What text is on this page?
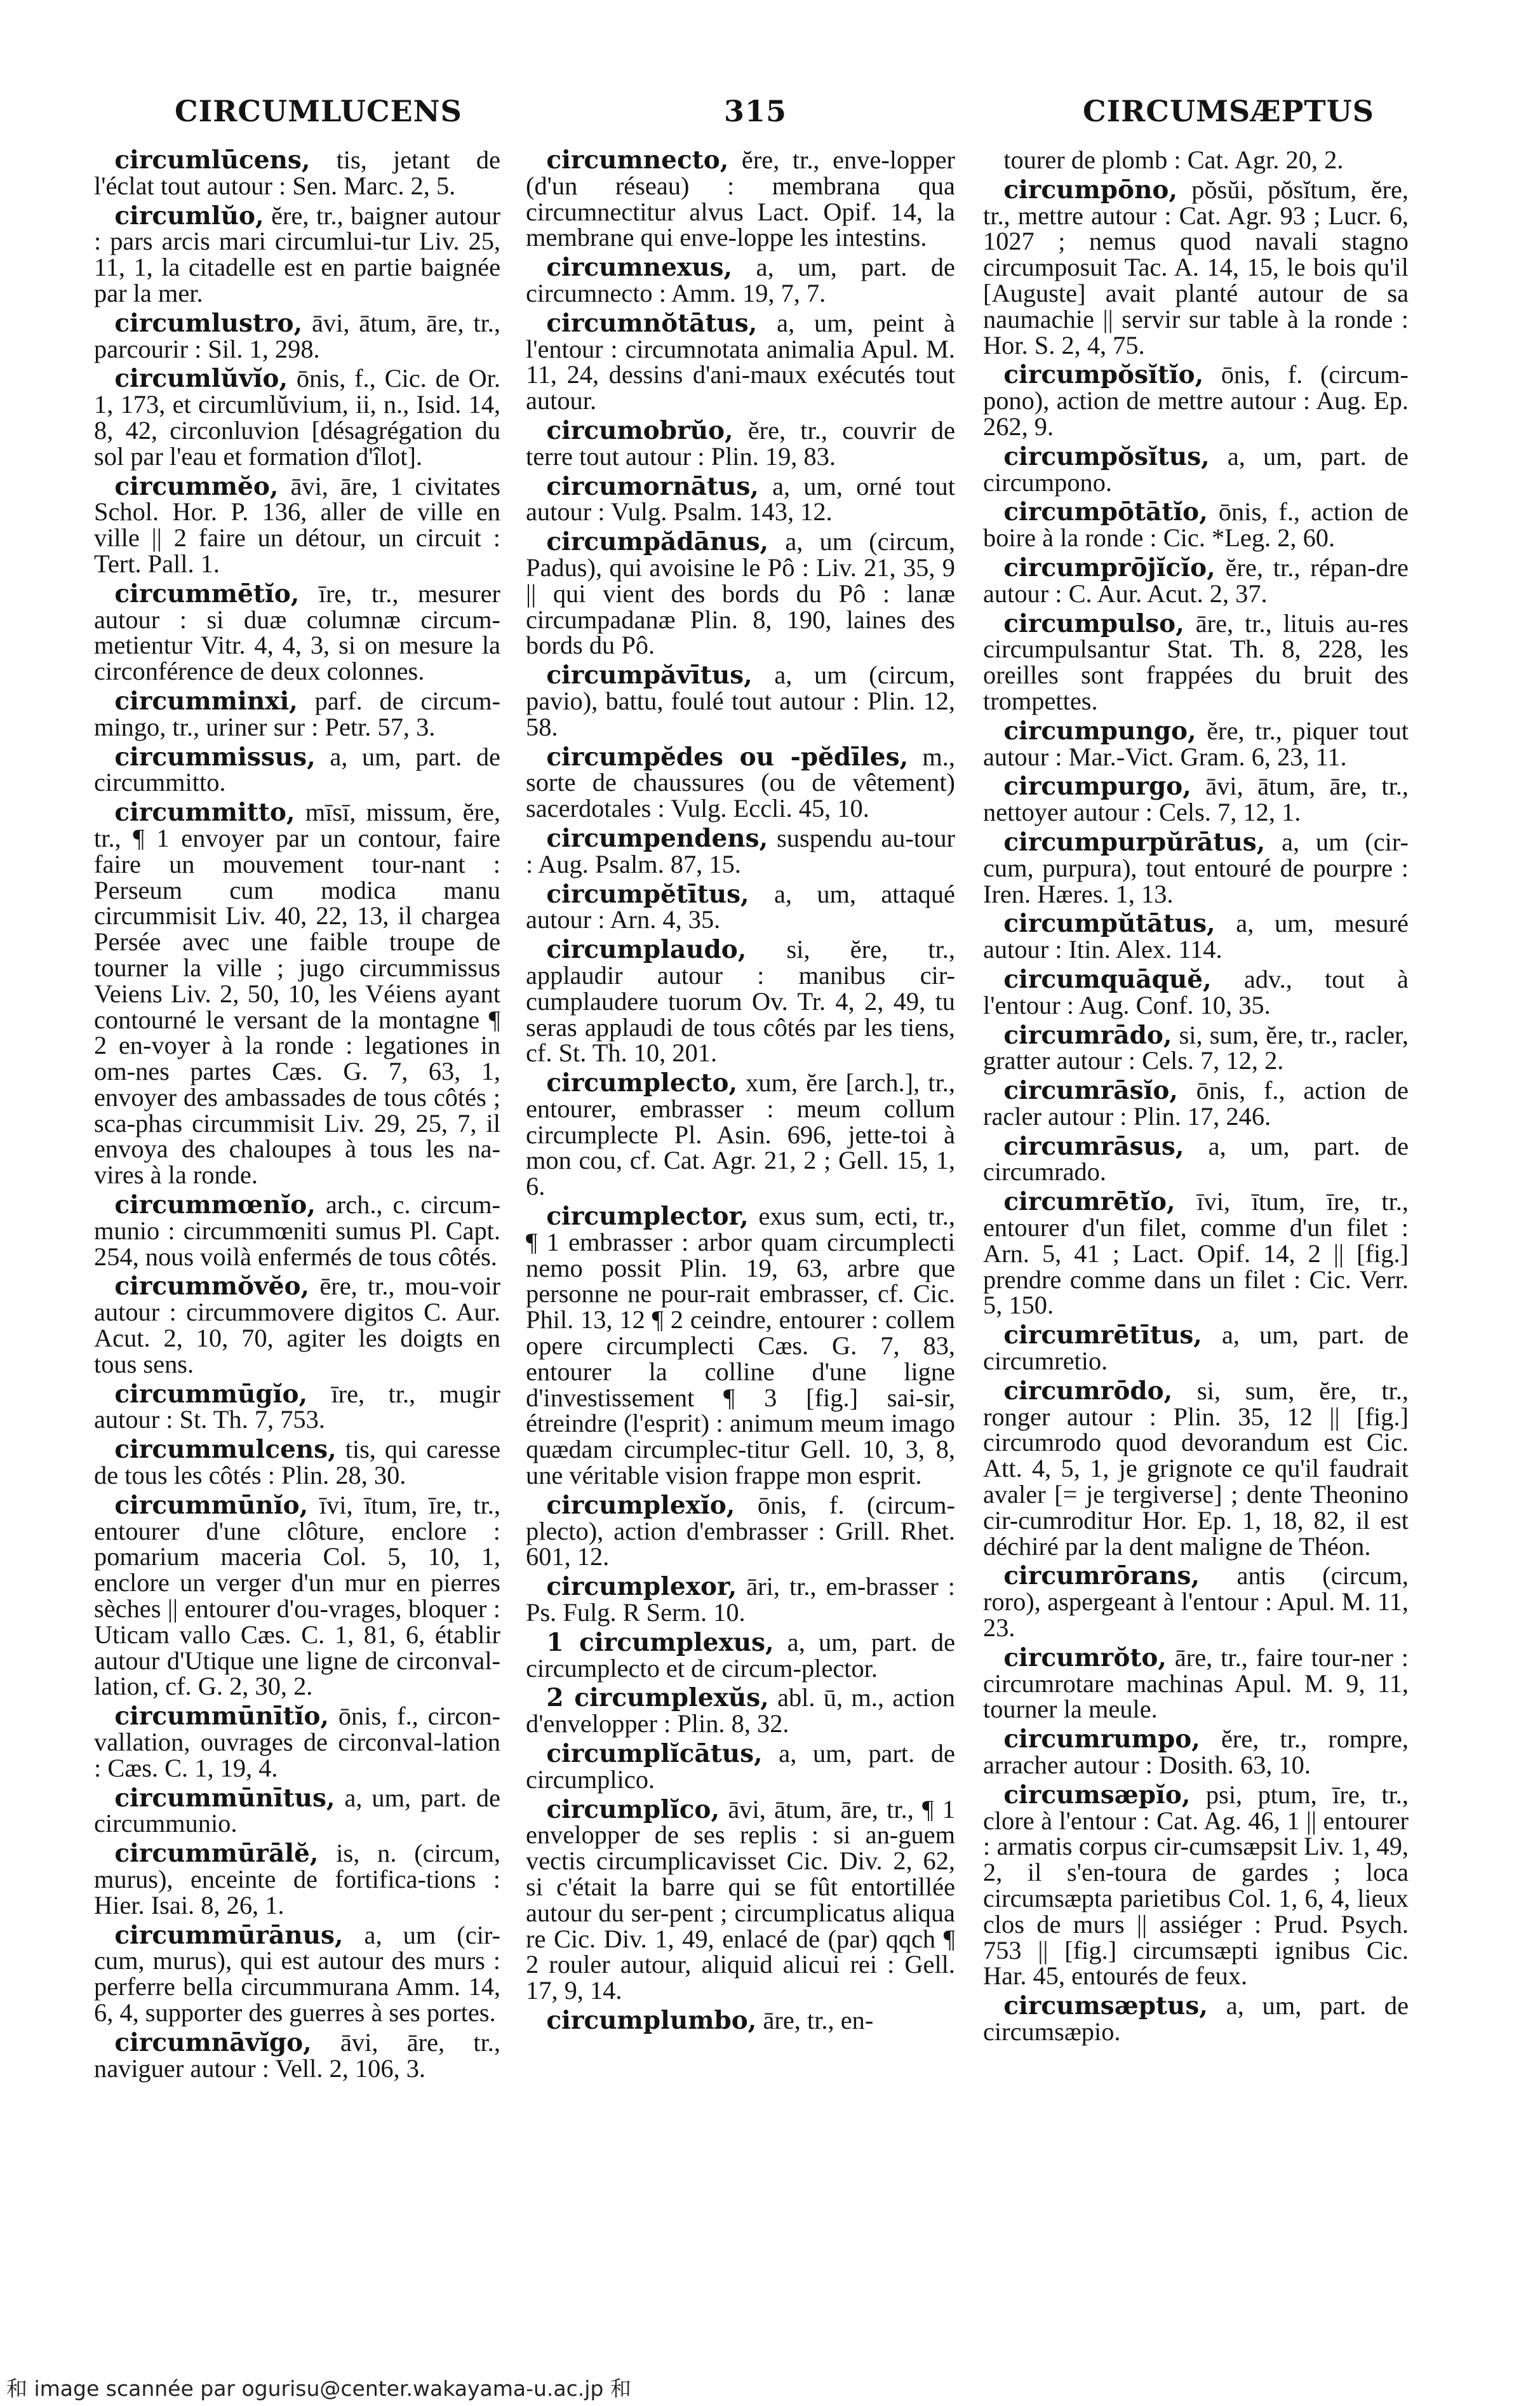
CIRCUMLUCENS	315	CIRCUMSÆPTUS

circumlūcens, tis, jetant de l'éclat tout autour : Sen. Marc. 2, 5.

circumlŭo, ĕre, tr., baigner autour : pars arcis mari circumlui-tur Liv. 25, 11, 1, la citadelle est en partie baignée par la mer.

circumlustro, āvi, ātum, āre, tr., parcourir : Sil. 1, 298.

circumlŭvĭo, ōnis, f., Cic. de Or. 1, 173, et circumlŭvium, ii, n., Isid. 14, 8, 42, circonluvion [désagrégation du sol par l'eau et formation d'îlot].

circummĕo, āvi, āre, 1 civitates Schol. Hor. P. 136, aller de ville en ville || 2 faire un détour, un circuit : Tert. Pall. 1.

circummētĭo, īre, tr., mesurer autour : si duæ columnæ circum-metientur Vitr. 4, 4, 3, si on mesure la circonférence de deux colonnes.

circumminxi, parf. de circum-mingo, tr., uriner sur : Petr. 57, 3.

circummissus, a, um, part. de circummitto.

circummitto, mīsī, missum, ĕre, tr., ¶ 1 envoyer par un contour, faire faire un mouvement tour-nant : Perseum cum modica manu circummisit Liv. 40, 22, 13, il chargea Persée avec une faible troupe de tourner la ville ; jugo circummissus Veiens Liv. 2, 50, 10, les Véiens ayant contourné le versant de la montagne ¶ 2 en-voyer à la ronde : legationes in om-nes partes Cæs. G. 7, 63, 1, envoyer des ambassades de tous côtés ; sca-phas circummisit Liv. 29, 25, 7, il envoya des chaloupes à tous les na-vires à la ronde.

circummœnĭo, arch., c. circum-munio : circummœniti sumus Pl. Capt. 254, nous voilà enfermés de tous côtés.

circummŏvĕo, ēre, tr., mou-voir autour : circummovere digitos C. Aur. Acut. 2, 10, 70, agiter les doigts en tous sens.

circummūgĭo, īre, tr., mugir autour : St. Th. 7, 753.

circummulcens, tis, qui caresse de tous les côtés : Plin. 28, 30.

circummūnĭo, īvi, ītum, īre, tr., entourer d'une clôture, enclore : pomarium maceria Col. 5, 10, 1, enclore un verger d'un mur en pierres sèches || entourer d'ou-vrages, bloquer : Uticam vallo Cæs. C. 1, 81, 6, établir autour d'Utique une ligne de circonval-lation, cf. G. 2, 30, 2.

circummūnītĭo, ōnis, f., circon-vallation, ouvrages de circonval-lation : Cæs. C. 1, 19, 4.

circummūnītus, a, um, part. de circummunio.

circummūrālĕ, is, n. (circum, murus), enceinte de fortifica-tions : Hier. Isai. 8, 26, 1.

circummūrānus, a, um (cir-cum, murus), qui est autour des murs : perferre bella circummurana Amm. 14, 6, 4, supporter des guerres à ses portes.

circumnāvĭgo, āvi, āre, tr., naviguer autour : Vell. 2, 106, 3.

circumnecto, ĕre, tr., enve-lopper (d'un réseau) : membrana qua circumnectitur alvus Lact. Opif. 14, la membrane qui enve-loppe les intestins.

circumnexus, a, um, part. de circumnecto : Amm. 19, 7, 7.

circumnŏtātus, a, um, peint à l'entour : circumnotata animalia Apul. M. 11, 24, dessins d'ani-maux exécutés tout autour.

circumobrŭo, ĕre, tr., couvrir de terre tout autour : Plin. 19, 83.

circumornātus, a, um, orné tout autour : Vulg. Psalm. 143, 12.

circumpădānus, a, um (circum, Padus), qui avoisine le Pô : Liv. 21, 35, 9 || qui vient des bords du Pô : lanæ circumpadanæ Plin. 8, 190, laines des bords du Pô.

circumpăvītus, a, um (circum, pavio), battu, foulé tout autour : Plin. 12, 58.

circumpĕdes ou -pĕdīles, m., sorte de chaussures (ou de vêtement) sacerdotales : Vulg. Eccli. 45, 10.

circumpendens, suspendu au-tour : Aug. Psalm. 87, 15.

circumpĕtītus, a, um, attaqué autour : Arn. 4, 35.

circumplaudo, si, ĕre, tr., applaudir autour : manibus cir-cumplaudere tuorum Ov. Tr. 4, 2, 49, tu seras applaudi de tous côtés par les tiens, cf. St. Th. 10, 201.

circumplecto, xum, ĕre [arch.], tr., entourer, embrasser : meum collum circumplecte Pl. Asin. 696, jette-toi à mon cou, cf. Cat. Agr. 21, 2 ; Gell. 15, 1, 6.

circumplector, exus sum, ecti, tr., ¶ 1 embrasser : arbor quam circumplecti nemo possit Plin. 19, 63, arbre que personne ne pour-rait embrasser, cf. Cic. Phil. 13, 12 ¶ 2 ceindre, entourer : collem opere circumplecti Cæs. G. 7, 83, entourer la colline d'une ligne d'investissement ¶ 3 [fig.] sai-sir, étreindre (l'esprit) : animum meum imago quædam circumplec-titur Gell. 10, 3, 8, une véritable vision frappe mon esprit.

circumplexĭo, ōnis, f. (circum-plecto), action d'embrasser : Grill. Rhet. 601, 12.

circumplexor, āri, tr., em-brasser : Ps. Fulg. R Serm. 10.

1 circumplexus, a, um, part. de circumplecto et de circum-plector.

2 circumplexŭs, abl. ū, m., action d'envelopper : Plin. 8, 32.

circumplĭcātus, a, um, part. de circumplico.

circumplĭco, āvi, ātum, āre, tr., ¶ 1 envelopper de ses replis : si an-guem vectis circumplicavisset Cic. Div. 2, 62, si c'était la barre qui se fût entortillée autour du ser-pent ; circumplicatus aliqua re Cic. Div. 1, 49, enlacé de (par) qqch ¶ 2 rouler autour, aliquid alicui rei : Gell. 17, 9, 14.

circumplumbo, āre, tr., en-

tourer de plomb : Cat. Agr. 20, 2.

circumpōno, pŏsŭi, pŏsĭtum, ĕre, tr., mettre autour : Cat. Agr. 93 ; Lucr. 6, 1027 ; nemus quod navali stagno circumposuit Tac. A. 14, 15, le bois qu'il [Auguste] avait planté autour de sa naumachie || servir sur table à la ronde : Hor. S. 2, 4, 75.

circumpŏsĭtĭo, ōnis, f. (circum-pono), action de mettre autour : Aug. Ep. 262, 9.

circumpŏsĭtus, a, um, part. de circumpono.

circumpōtātĭo, ōnis, f., action de boire à la ronde : Cic. *Leg. 2, 60.

circumprōjĭcĭo, ĕre, tr., répan-dre autour : C. Aur. Acut. 2, 37.

circumpulso, āre, tr., lituis au-res circumpulsantur Stat. Th. 8, 228, les oreilles sont frappées du bruit des trompettes.

circumpungo, ĕre, tr., piquer tout autour : Mar.-Vict. Gram. 6, 23, 11.

circumpurgo, āvi, ātum, āre, tr., nettoyer autour : Cels. 7, 12, 1.

circumpurpŭrātus, a, um (cir-cum, purpura), tout entouré de pourpre : Iren. Hæres. 1, 13.

circumpŭtātus, a, um, mesuré autour : Itin. Alex. 114.

circumquāquĕ, adv., tout à l'entour : Aug. Conf. 10, 35.

circumrādo, si, sum, ĕre, tr., racler, gratter autour : Cels. 7, 12, 2.

circumrāsĭo, ōnis, f., action de racler autour : Plin. 17, 246.

circumrāsus, a, um, part. de circumrado.

circumrētĭo, īvi, ītum, īre, tr., entourer d'un filet, comme d'un filet : Arn. 5, 41 ; Lact. Opif. 14, 2 || [fig.] prendre comme dans un filet : Cic. Verr. 5, 150.

circumrētītus, a, um, part. de circumretio.

circumrōdo, si, sum, ĕre, tr., ronger autour : Plin. 35, 12 || [fig.] circumrodo quod devorandum est Cic. Att. 4, 5, 1, je grignote ce qu'il faudrait avaler [= je tergiverse] ; dente Theonino cir-cumroditur Hor. Ep. 1, 18, 82, il est déchiré par la dent maligne de Théon.

circumrōrans, antis (circum, roro), aspergeant à l'entour : Apul. M. 11, 23.

circumrŏto, āre, tr., faire tour-ner : circumrotare machinas Apul. M. 9, 11, tourner la meule.

circumrumpo, ĕre, tr., rompre, arracher autour : Dosith. 63, 10.

circumsæpĭo, psi, ptum, īre, tr., clore à l'entour : Cat. Ag. 46, 1 || entourer : armatis corpus cir-cumsæpsit Liv. 1, 49, 2, il s'en-toura de gardes ; loca circumsæpta parietibus Col. 1, 6, 4, lieux clos de murs || assiéger : Prud. Psych. 753 || [fig.] circumsæpti ignibus Cic. Har. 45, entourés de feux.

circumsæptus, a, um, part. de circumsæpio.

和 image scannée par ogurisu@center.wakayama-u.ac.jp 和
